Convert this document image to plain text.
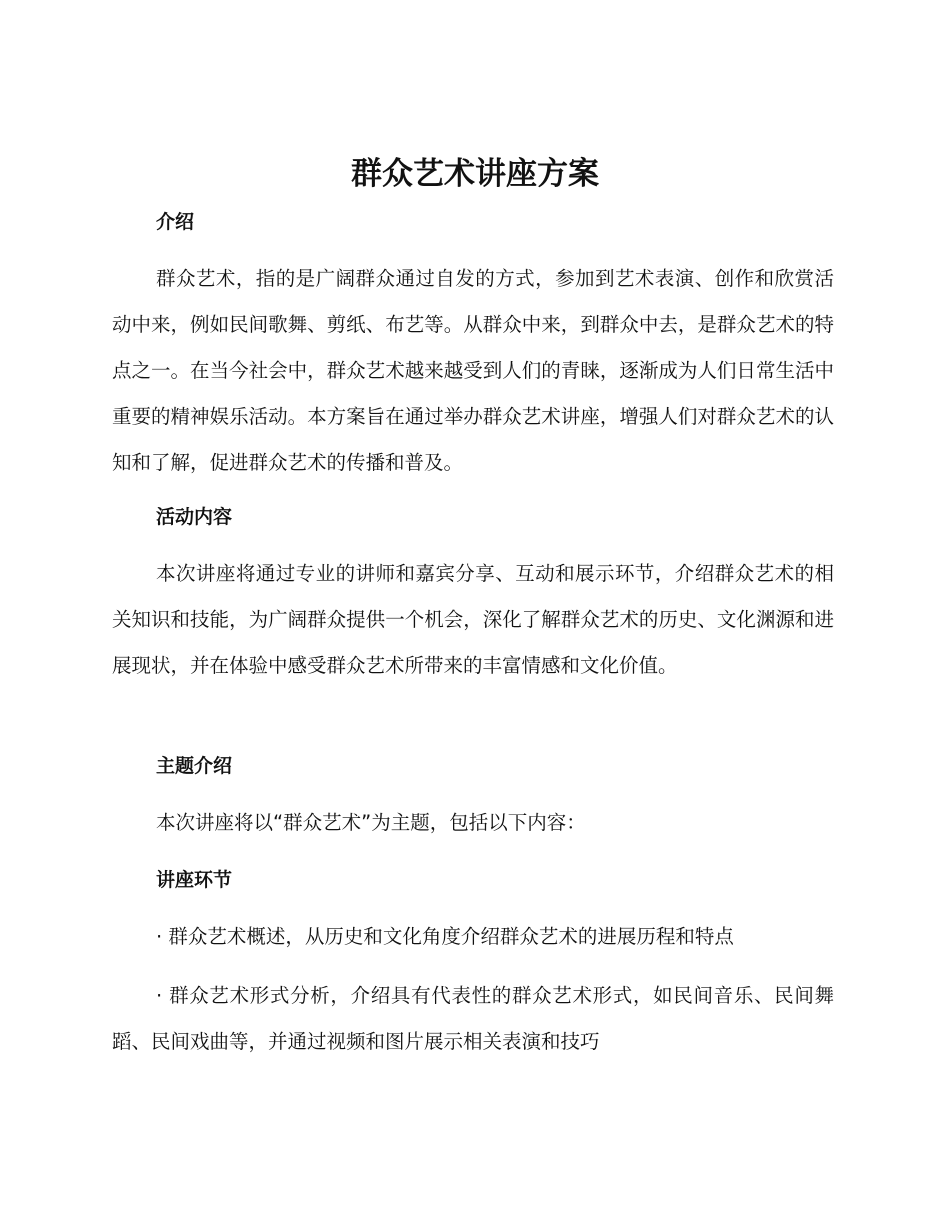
群众艺术讲座方案
介绍

群众艺术，指的是广阔群众通过自发的方式，参加到艺术表演、创作和欣赏活动中来，例如民间歌舞、剪纸、布艺等。从群众中来，到群众中去，是群众艺术的特点之一。在当今社会中，群众艺术越来越受到人们的青睐，逐渐成为人们日常生活中重要的精神娱乐活动。本方案旨在通过举办群众艺术讲座，增强人们对群众艺术的认知和了解，促进群众艺术的传播和普及。

活动内容

本次讲座将通过专业的讲师和嘉宾分享、互动和展示环节，介绍群众艺术的相关知识和技能，为广阔群众提供一个机会，深化了解群众艺术的历史、文化渊源和进展现状，并在体验中感受群众艺术所带来的丰富情感和文化价值。

主题介绍
本次讲座将以“群众艺术”为主题，包括以下内容：
讲座环节
· 群众艺术概述，从历史和文化角度介绍群众艺术的进展历程和特点

· 群众艺术形式分析，介绍具有代表性的群众艺术形式，如民间音乐、民间舞蹈、民间戏曲等，并通过视频和图片展示相关表演和技巧
